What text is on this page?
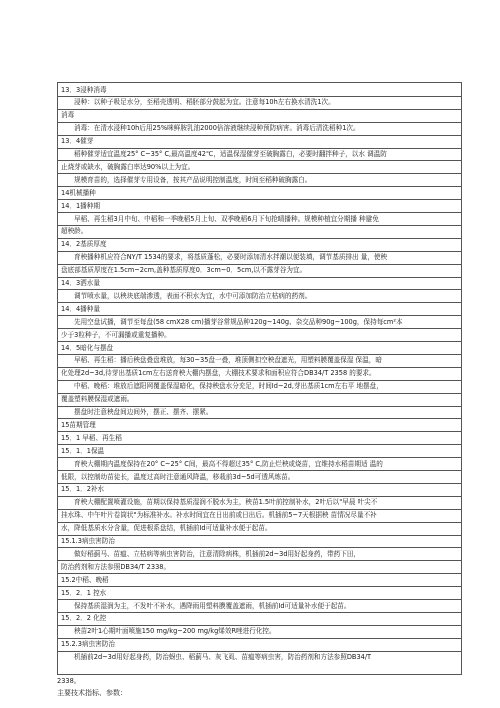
13．3浸种消毒
浸种：以种子吸足水分，至稻壳透明、稻胚部分鼓起为宜。注意每10h左右换水清洗1次。
消毒
消毒：在清水浸种10h后用25%咪鲜胺乳油2000倍溶液继续浸种预防病害。消毒后清洗稻种1次。
13．4催芽
稻种催芽适宜温度25° C~35° C,最高温度42℃，适温保湿催芽至破胸露白，必要时翻拌种子，以水 调温防
止烧芽或缺水，破胸露白率达90%以上为宜。
规模育苗的，选择催芽专用设备，按其产品说明控制温度，时间至稻种破胸露白。
14机械播种
14．1播种期
早稻、再生稻3月中旬、中稻和一季晚稻5月上旬、双季晚稻6月下旬抢晴播种。规模种植宜分期播 种避免
超秧龄。
14．2基质厚度
育秧播种机应符合NY/T 1534的要求，将基质蓬松，必要时添加清水拌潮以便装填，调节基质排出 量，使秧
盘底部基质厚度在1.5cm~2cm,盖种基质厚度0．3cm~0．5cm,以不露芽谷为宜。
14．3洒水量
调节喷水量，以秧块底端渗透，表面不积水为宜，水中可添加防治立枯病的药剂。
14．4播种量
先用空盘试播，调节至每盘(58 cmX28 cm)播芽谷常规品种120g~140g、杂交品种90g~100g，保持每cm²本
少于3粒种子，不可漏播或重复播种。
14．5暗化与摆盘
早稻、再生稻：播后秧盘叠盘堆放，每30~35盘一叠，堆顶侧扣空秧盘遮光，用塑料膜覆盖保湿 保温，暗
化处理2d~3d,待芽出基质1cm左右送育秧大棚内摆盘，大棚技术要求和面积应符合DB34/T 2358 的要求。
中稻、晚稻：堆放后遮阳网覆盖保湿暗化，保持秧盘水分充足，时间Id~2d,芽出基质1cm左右平 地摆盘，
覆盖塑料膜保湿或遮雨。
摆盘时注意秧盘间边间外，摆正、摆齐、摆紧。
15苗期管理
15．1 早稻、再生稻
15．1．1保温
育秧大棚期内温度保持在20° C~25° C间，最高不得超过35° C,防止烂秧或烧苗，宜维持水稻苗期适 温的
低限，以控制幼苗徒长，温度过高时注意通风降温，移栽前3d~5d可透风炼苗。
15．1．2补水
育秧大棚配置喷灌设施，苗期以保持基质湿润不脱水为主，秧苗1.5叶前控制补水，2叶后以"早晨 叶尖不
挂水珠、中午叶片卷筒状"为标准补水。补水时间宜在日出前或日出后。机插前5~7天根据秧 苗情况尽量不补
水，降低基质水分含量，促进根系盘结，机插前Id可适量补水便于起苗。
15.1.3病虫害防治
做好稻蓟马、苗瘟、立枯病等病虫害防治，注意清除病株，机插前2d~3d用好起身药，带药下田，
防治药剂和方法参照DB34/T 2338。
15.2中稻、晚稻
15．2．1 控水
保持基质湿润为主，不发叶不补水，遇降雨用塑料膜覆盖遮雨，机插前Id可适量补水便于起苗。
15．2．2 化控
秧苗2叶1心期叶面喷施150 mg/kg~200 mg/kg烯效R唑进行化控。
15.2.3病虫害防治
机插前2d~3d用好起身药，防治蚜虫、稻蓟马、灰飞虱、苗瘟等病虫害，防治药剂和方法参照DB34/T
2338。
主要技术指标、参数：
